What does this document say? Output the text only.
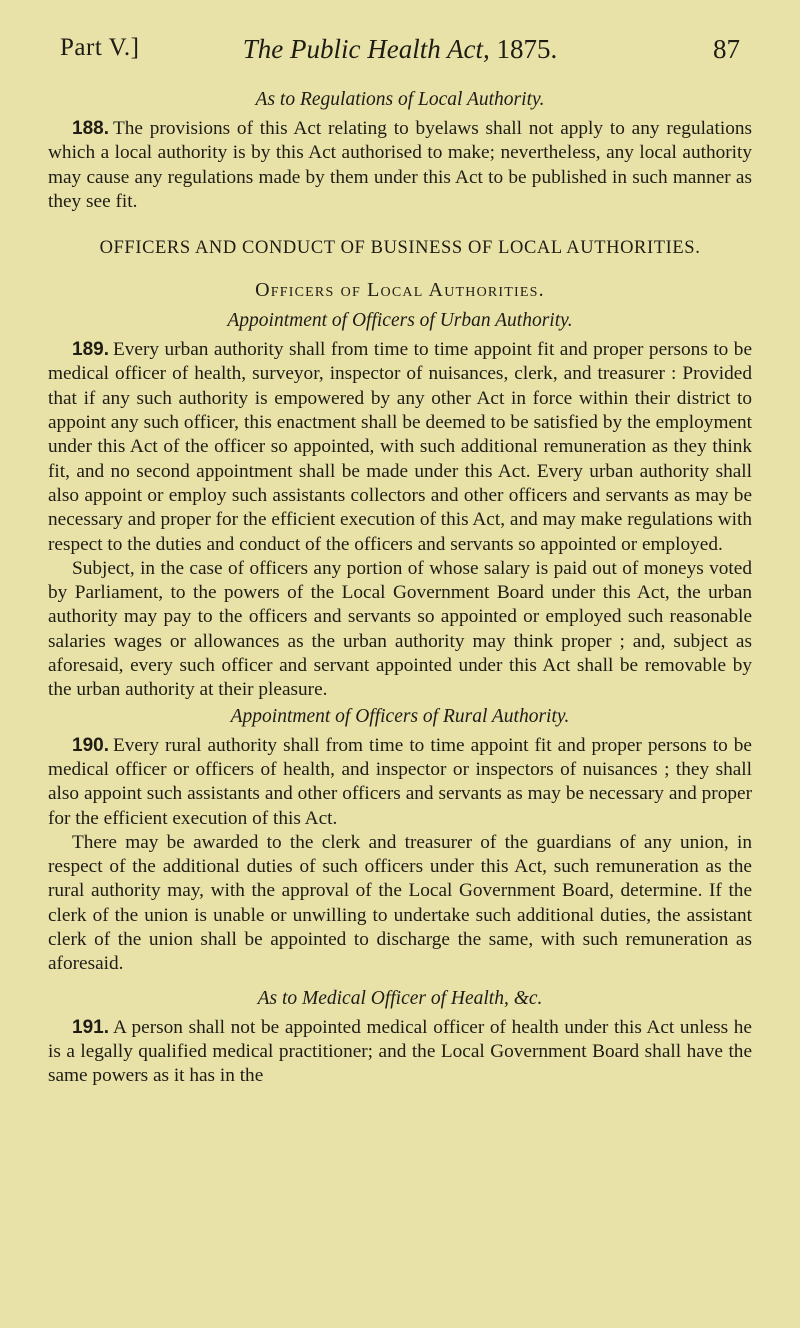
Part V.]	The Public Health Act, 1875.	87
As to Regulations of Local Authority.

188. The provisions of this Act relating to byelaws shall not apply to any regulations which a local authority is by this Act authorised to make; nevertheless, any local authority may cause any regulations made by them under this Act to be published in such manner as they see fit.

OFFICERS AND CONDUCT OF BUSINESS OF LOCAL AUTHORITIES.
Officers of Local Authorities.
Appointment of Officers of Urban Authority.

189. Every urban authority shall from time to time appoint fit and proper persons to be medical officer of health, surveyor, inspector of nuisances, clerk, and treasurer : Provided that if any such authority is empowered by any other Act in force within their district to appoint any such officer, this enactment shall be deemed to be satisfied by the employment under this Act of the officer so appointed, with such additional remuneration as they think fit, and no second appointment shall be made under this Act. Every urban authority shall also appoint or employ such assistants collectors and other officers and servants as may be necessary and proper for the efficient execution of this Act, and may make regulations with respect to the duties and conduct of the officers and servants so appointed or employed.

Subject, in the case of officers any portion of whose salary is paid out of moneys voted by Parliament, to the powers of the Local Government Board under this Act, the urban authority may pay to the officers and servants so appointed or employed such reasonable salaries wages or allowances as the urban authority may think proper ; and, subject as aforesaid, every such officer and servant appointed under this Act shall be removable by the urban authority at their pleasure.

Appointment of Officers of Rural Authority.

190. Every rural authority shall from time to time appoint fit and proper persons to be medical officer or officers of health, and inspector or inspectors of nuisances ; they shall also appoint such assistants and other officers and servants as may be necessary and proper for the efficient execution of this Act.

There may be awarded to the clerk and treasurer of the guardians of any union, in respect of the additional duties of such officers under this Act, such remuneration as the rural authority may, with the approval of the Local Government Board, determine. If the clerk of the union is unable or unwilling to undertake such additional duties, the assistant clerk of the union shall be appointed to discharge the same, with such remuneration as aforesaid.

As to Medical Officer of Health, &c.

191. A person shall not be appointed medical officer of health under this Act unless he is a legally qualified medical practitioner; and the Local Government Board shall have the same powers as it has in the
